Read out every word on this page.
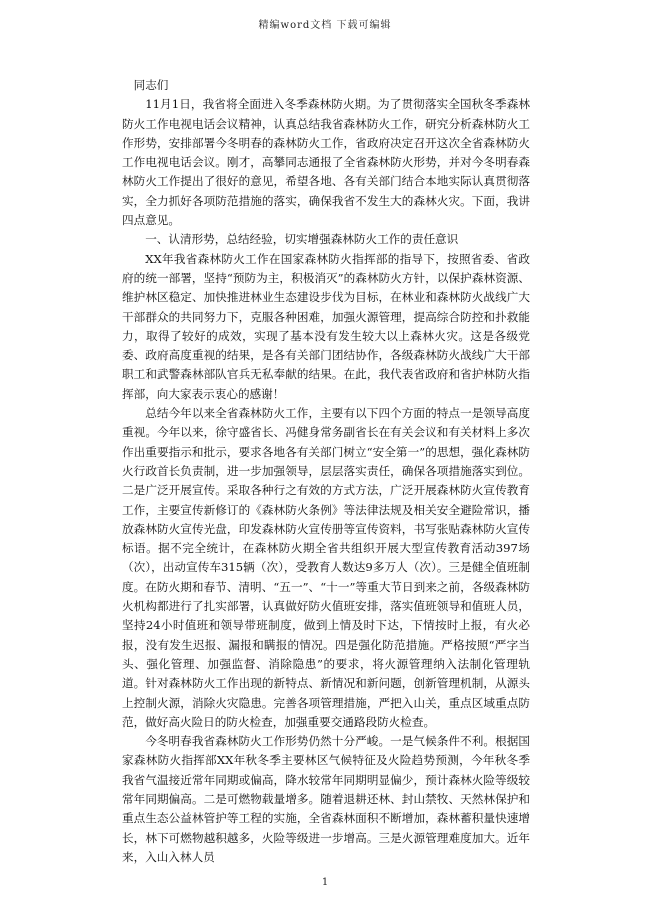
精编word文档 下载可编辑

同志们

11月1日，我省将全面进入冬季森林防火期。为了贯彻落实全国秋冬季森林防火工作电视电话会议精神，认真总结我省森林防火工作，研究分析森林防火工作形势，安排部署今冬明春的森林防火工作，省政府决定召开这次全省森林防火工作电视电话会议。刚才，高攀同志通报了全省森林防火形势，并对今冬明春森林防火工作提出了很好的意见，希望各地、各有关部门结合本地实际认真贯彻落实，全力抓好各项防范措施的落实，确保我省不发生大的森林火灾。下面，我讲四点意见。

一、认清形势，总结经验，切实增强森林防火工作的责任意识

XX年我省森林防火工作在国家森林防火指挥部的指导下，按照省委、省政府的统一部署，坚持“预防为主，积极消灭”的森林防火方针，以保护森林资源、维护林区稳定、加快推进林业生态建设步伐为目标，在林业和森林防火战线广大干部群众的共同努力下，克服各种困难，加强火源管理，提高综合防控和扑救能力，取得了较好的成效，实现了基本没有发生较大以上森林火灾。这是各级党委、政府高度重视的结果，是各有关部门团结协作，各级森林防火战线广大干部职工和武警森林部队官兵无私奉献的结果。在此，我代表省政府和省护林防火指挥部，向大家表示衷心的感谢！

总结今年以来全省森林防火工作，主要有以下四个方面的特点一是领导高度重视。今年以来，徐守盛省长、冯健身常务副省长在有关会议和有关材料上多次作出重要指示和批示，要求各地各有关部门树立“安全第一”的思想，强化森林防火行政首长负责制，进一步加强领导，层层落实责任，确保各项措施落实到位。二是广泛开展宣传。采取各种行之有效的方式方法，广泛开展森林防火宣传教育工作，主要宣传新修订的《森林防火条例》等法律法规及相关安全避险常识，播放森林防火宣传光盘，印发森林防火宣传册等宣传资料，书写张贴森林防火宣传标语。据不完全统计，在森林防火期全省共组织开展大型宣传教育活动397场（次），出动宣传车315辆（次），受教育人数达9多万人（次）。三是健全值班制度。在防火期和春节、清明、“五一”、“十一”等重大节日到来之前，各级森林防火机构都进行了扎实部署，认真做好防火值班安排，落实值班领导和值班人员，坚持24小时值班和领导带班制度，做到上情及时下达，下情按时上报，有火必报，没有发生迟报、漏报和瞒报的情况。四是强化防范措施。严格按照“严字当头、强化管理、加强监督、消除隐患”的要求，将火源管理纳入法制化管理轨道。针对森林防火工作出现的新特点、新情况和新问题，创新管理机制，从源头上控制火源，消除火灾隐患。完善各项管理措施，严把入山关，重点区域重点防范，做好高火险日的防火检查，加强重要交通路段防火检查。

今冬明春我省森林防火工作形势仍然十分严峻。一是气候条件不利。根据国家森林防火指挥部XX年秋冬季主要林区气候特征及火险趋势预测，今年秋冬季我省气温接近常年同期或偏高，降水较常年同期明显偏少，预计森林火险等级较常年同期偏高。二是可燃物载量增多。随着退耕还林、封山禁牧、天然林保护和重点生态公益林管护等工程的实施，全省森林面积不断增加，森林蓄积量快速增长，林下可燃物越积越多，火险等级进一步增高。三是火源管理难度加大。近年来，入山入林人员

1
